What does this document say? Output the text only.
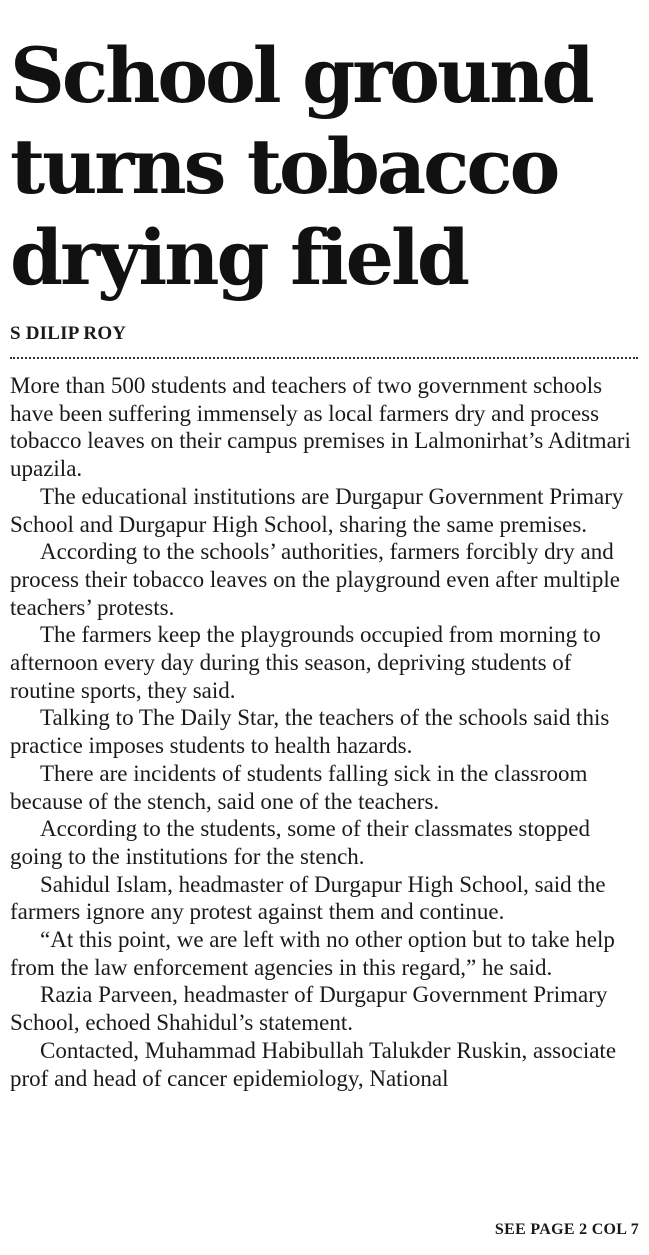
School ground
turns tobacco
drying field
S DILIP ROY

More than 500 students and teachers of two government schools have been suffering immensely as local farmers dry and process tobacco leaves on their campus premises in Lalmonirhat’s Aditmari upazila.

The educational institutions are Durgapur Government Primary School and Durgapur High School, sharing the same premises.

According to the schools’ authorities, farmers forcibly dry and process their tobacco leaves on the playground even after multiple teachers’ protests.

The farmers keep the playgrounds occupied from morning to afternoon every day during this season, depriving students of routine sports, they said.

Talking to The Daily Star, the teachers of the schools said this practice imposes students to health hazards.

There are incidents of students falling sick in the classroom because of the stench, said one of the teachers.

According to the students, some of their classmates stopped going to the institutions for the stench.

Sahidul Islam, headmaster of Durgapur High School, said the farmers ignore any protest against them and continue.

“At this point, we are left with no other option but to take help from the law enforcement agencies in this regard,” he said.

Razia Parveen, headmaster of Durgapur Government Primary School, echoed Shahidul’s statement.

Contacted, Muhammad Habibullah Talukder Ruskin, associate prof and head of cancer epidemiology, National

SEE PAGE 2 COL 7
